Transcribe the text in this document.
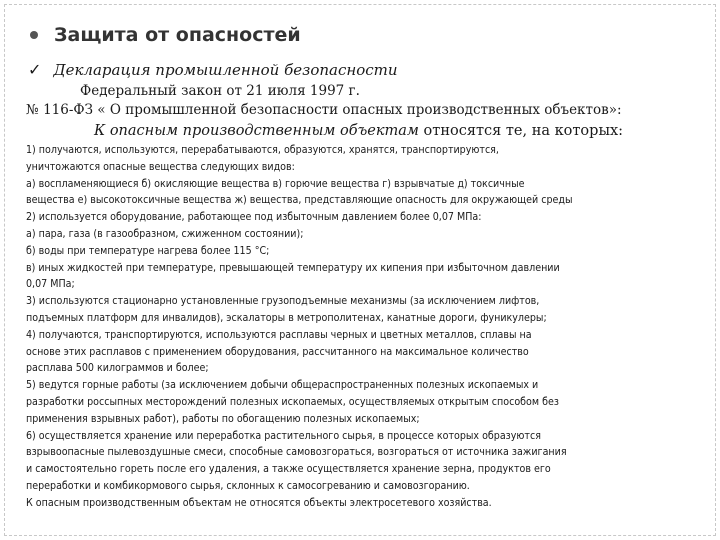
Защита от опасностей
✓ Декларация промышленной безопасности
Федеральный закон от 21 июля 1997 г.
№ 116-ФЗ « О промышленной безопасности опасных производственных объектов»:
К опасным производственным объектам относятся те, на которых:

1) получаются, используются, перерабатываются, образуются, хранятся, транспортируются,

уничтожаются опасные вещества следующих видов:

а) воспламеняющиеся б) окисляющие вещества в) горючие вещества г) взрывчатые д) токсичные

вещества е) высокотоксичные вещества ж) вещества, представляющие опасность для окружающей среды

2) используется оборудование, работающее под избыточным давлением более 0,07 МПа:

а) пара, газа (в газообразном, сжиженном состоянии);

б) воды при температуре нагрева более 115 °С;

в) иных жидкостей при температуре, превышающей температуру их кипения при избыточном давлении

0,07 МПа;

3) используются стационарно установленные грузоподъемные механизмы (за исключением лифтов,

подъемных платформ для инвалидов), эскалаторы в метрополитенах, канатные дороги, фуникулеры;

4) получаются, транспортируются, используются расплавы черных и цветных металлов, сплавы на

основе этих расплавов с применением оборудования, рассчитанного на максимальное количество

расплава 500 килограммов и более;

5) ведутся горные работы (за исключением добычи общераспространенных полезных ископаемых и

разработки россыпных месторождений полезных ископаемых, осуществляемых открытым способом без

применения взрывных работ), работы по обогащению полезных ископаемых;

6) осуществляется хранение или переработка растительного сырья, в процессе которых образуются

взрывоопасные пылевоздушные смеси, способные самовозгораться, возгораться от источника зажигания

и самостоятельно гореть после его удаления, а также осуществляется хранение зерна, продуктов его

переработки и комбикормового сырья, склонных к самосогреванию и самовозгоранию.

К опасным производственным объектам не относятся объекты электросетевого хозяйства.
